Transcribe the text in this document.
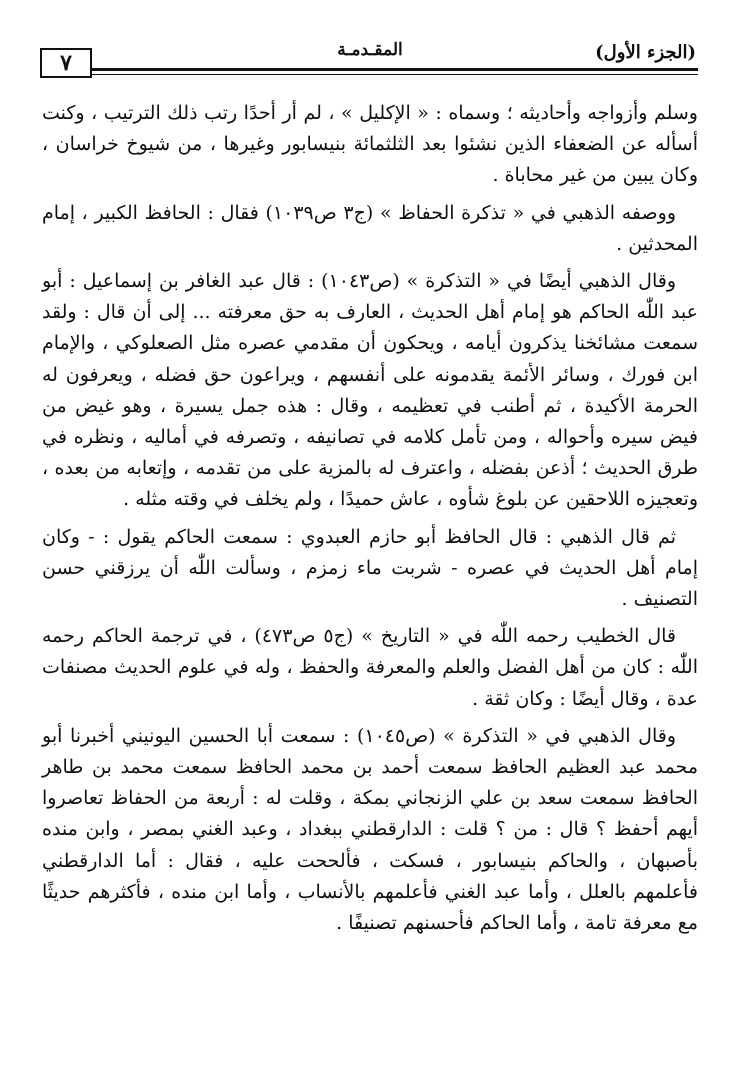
٧	المقـدمـة	(الجزء الأول)

وسلم وأزواجه وأحاديثه ؛ وسماه : « الإكليل » ، لم أر أحدًا رتب ذلك الترتيب ، وكنت أسأله عن الضعفاء الذين نشئوا بعد الثلثمائة بنيسابور وغيرها ، من شيوخ خراسان ، وكان يبين من غير محاباة .

ووصفه الذهبي في « تذكرة الحفاظ » (ج٣ ص١٠٣٩) فقال : الحافظ الكبير ، إمام المحدثين .

وقال الذهبي أيضًا في « التذكرة » (ص١٠٤٣) : قال عبد الغافر بن إسماعيل : أبو عبد اللّٰه الحاكم هو إمام أهل الحديث ، العارف به حق معرفته ... إلى أن قال : ولقد سمعت مشائخنا يذكرون أيامه ، ويحكون أن مقدمي عصره مثل الصعلوكي ، والإمام ابن فورك ، وسائر الأئمة يقدمونه على أنفسهم ، ويراعون حق فضله ، ويعرفون له الحرمة الأكيدة ، ثم أطنب في تعظيمه ، وقال : هذه جمل يسيرة ، وهو غيض من فيض سيره وأحواله ، ومن تأمل كلامه في تصانيفه ، وتصرفه في أماليه ، ونظره في طرق الحديث ؛ أذعن بفضله ، واعترف له بالمزية على من تقدمه ، وإتعابه من بعده ، وتعجيزه اللاحقين عن بلوغ شأوه ، عاش حميدًا ، ولم يخلف في وقته مثله .

ثم قال الذهبي : قال الحافظ أبو حازم العبدوي : سمعت الحاكم يقول : - وكان إمام أهل الحديث في عصره - شربت ماء زمزم ، وسألت اللّٰه أن يرزقني حسن التصنيف .

قال الخطيب رحمه اللّٰه في « التاريخ » (ج٥ ص٤٧٣) ، في ترجمة الحاكم رحمه اللّٰه : كان من أهل الفضل والعلم والمعرفة والحفظ ، وله في علوم الحديث مصنفات عدة ، وقال أيضًا : وكان ثقة .

وقال الذهبي في « التذكرة » (ص١٠٤٥) : سمعت أبا الحسين اليونيني أخبرنا أبو محمد عبد العظيم الحافظ سمعت أحمد بن محمد الحافظ سمعت محمد بن طاهر الحافظ سمعت سعد بن علي الزنجاني بمكة ، وقلت له : أربعة من الحفاظ تعاصروا أيهم أحفظ ؟ قال : من ؟ قلت : الدارقطني ببغداد ، وعبد الغني بمصر ، وابن منده بأصبهان ، والحاكم بنيسابور ، فسكت ، فألححت عليه ، فقال : أما الدارقطني فأعلمهم بالعلل ، وأما عبد الغني فأعلمهم بالأنساب ، وأما ابن منده ، فأكثرهم حديثًا مع معرفة تامة ، وأما الحاكم فأحسنهم تصنيفًا .
